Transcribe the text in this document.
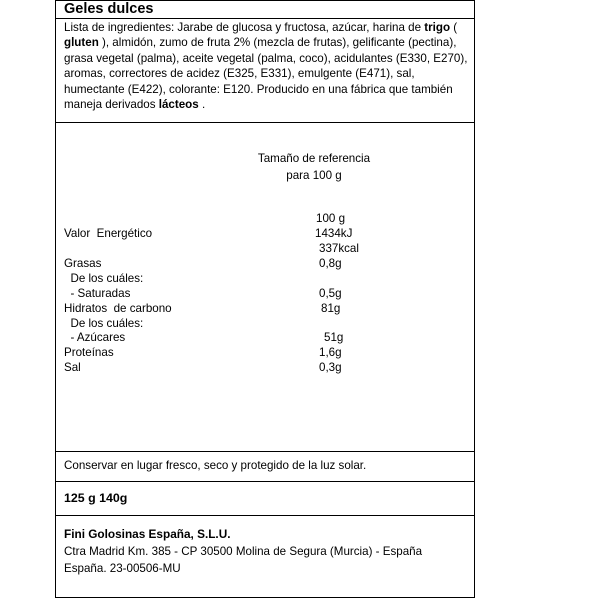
Geles dulces
Lista de ingredientes: Jarabe de glucosa y fructosa, azúcar, harina de trigo ( gluten ), almidón, zumo de fruta 2% (mezcla de frutas), gelificante (pectina), grasa vegetal (palma), aceite vegetal (palma, coco), acidulantes (E330, E270), aromas, correctores de acidez (E325, E331), emulgente (E471), sal, humectante (E422), colorante: E120. Producido en una fábrica que también maneja derivados lácteos .
Tamaño de referencia
para 100 g
100 g
Valor  Energético	1434kJ
337kcal
Grasas	0,8g
De los cuáles:
- Saturadas	0,5g
Hidratos  de carbono	81g
De los cuáles:
- Azúcares	51g
Proteínas	1,6g
Sal	0,3g
Conservar en lugar fresco, seco y protegido de la luz solar.
125 g 140g
Fini Golosinas España, S.L.U.
Ctra Madrid Km. 385 - CP 30500 Molina de Segura (Murcia) - España
España. 23-00506-MU
